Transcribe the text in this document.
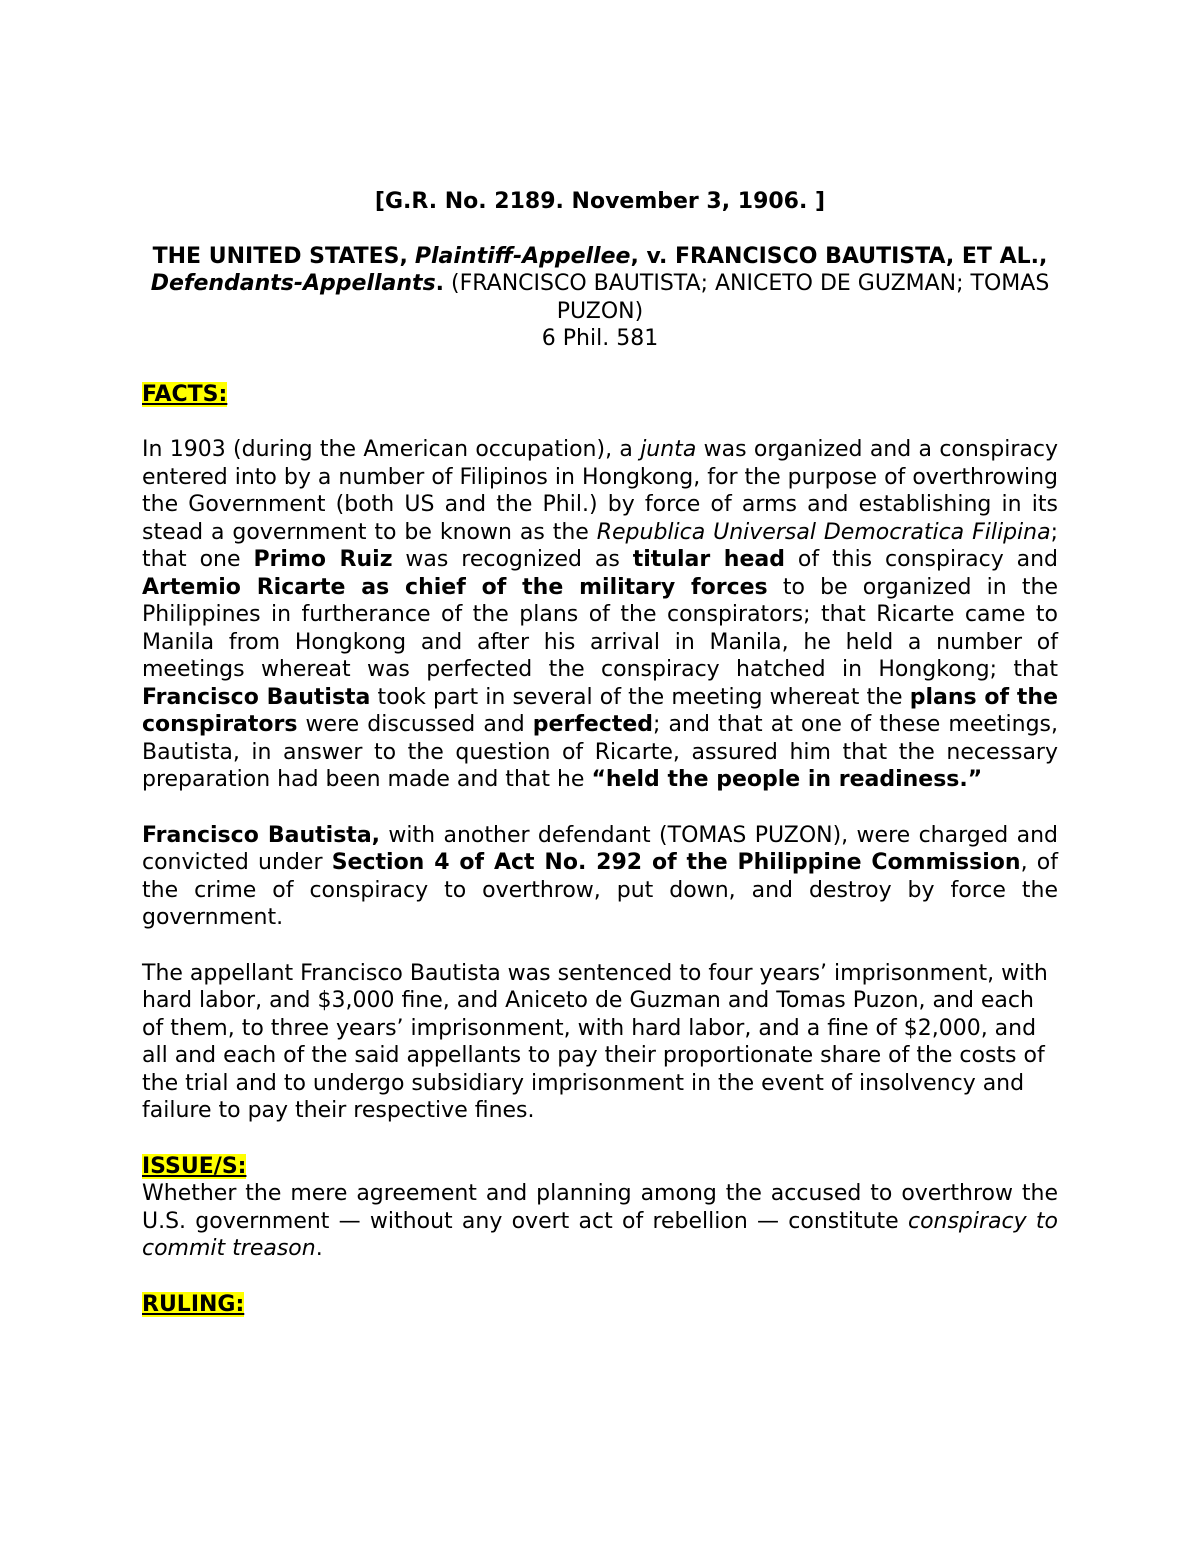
[G.R. No. 2189. November 3, 1906. ]

THE UNITED STATES, Plaintiff-Appellee, v. FRANCISCO BAUTISTA, ET AL., Defendants-Appellants. (FRANCISCO BAUTISTA; ANICETO DE GUZMAN; TOMAS PUZON)

6 Phil. 581

FACTS:

In 1903 (during the American occupation), a junta was organized and a conspiracy entered into by a number of Filipinos in Hongkong, for the purpose of overthrowing the Government (both US and the Phil.) by force of arms and establishing in its stead a government to be known as the Republica Universal Democratica Filipina; that one Primo Ruiz was recognized as titular head of this conspiracy and Artemio Ricarte as chief of the military forces to be organized in the Philippines in furtherance of the plans of the conspirators; that Ricarte came to Manila from Hongkong and after his arrival in Manila, he held a number of meetings whereat was perfected the conspiracy hatched in Hongkong; that Francisco Bautista took part in several of the meeting whereat the plans of the conspirators were discussed and perfected; and that at one of these meetings, Bautista, in answer to the question of Ricarte, assured him that the necessary preparation had been made and that he “held the people in readiness.”

Francisco Bautista, with another defendant (TOMAS PUZON), were charged and convicted under Section 4 of Act No. 292 of the Philippine Commission, of the crime of conspiracy to overthrow, put down, and destroy by force the government.

The appellant Francisco Bautista was sentenced to four years’ imprisonment, with hard labor, and $3,000 fine, and Aniceto de Guzman and Tomas Puzon, and each of them, to three years’ imprisonment, with hard labor, and a fine of $2,000, and all and each of the said appellants to pay their proportionate share of the costs of the trial and to undergo subsidiary imprisonment in the event of insolvency and failure to pay their respective fines.

ISSUE/S:

Whether the mere agreement and planning among the accused to overthrow the U.S. government — without any overt act of rebellion — constitute conspiracy to commit treason.

RULING:
